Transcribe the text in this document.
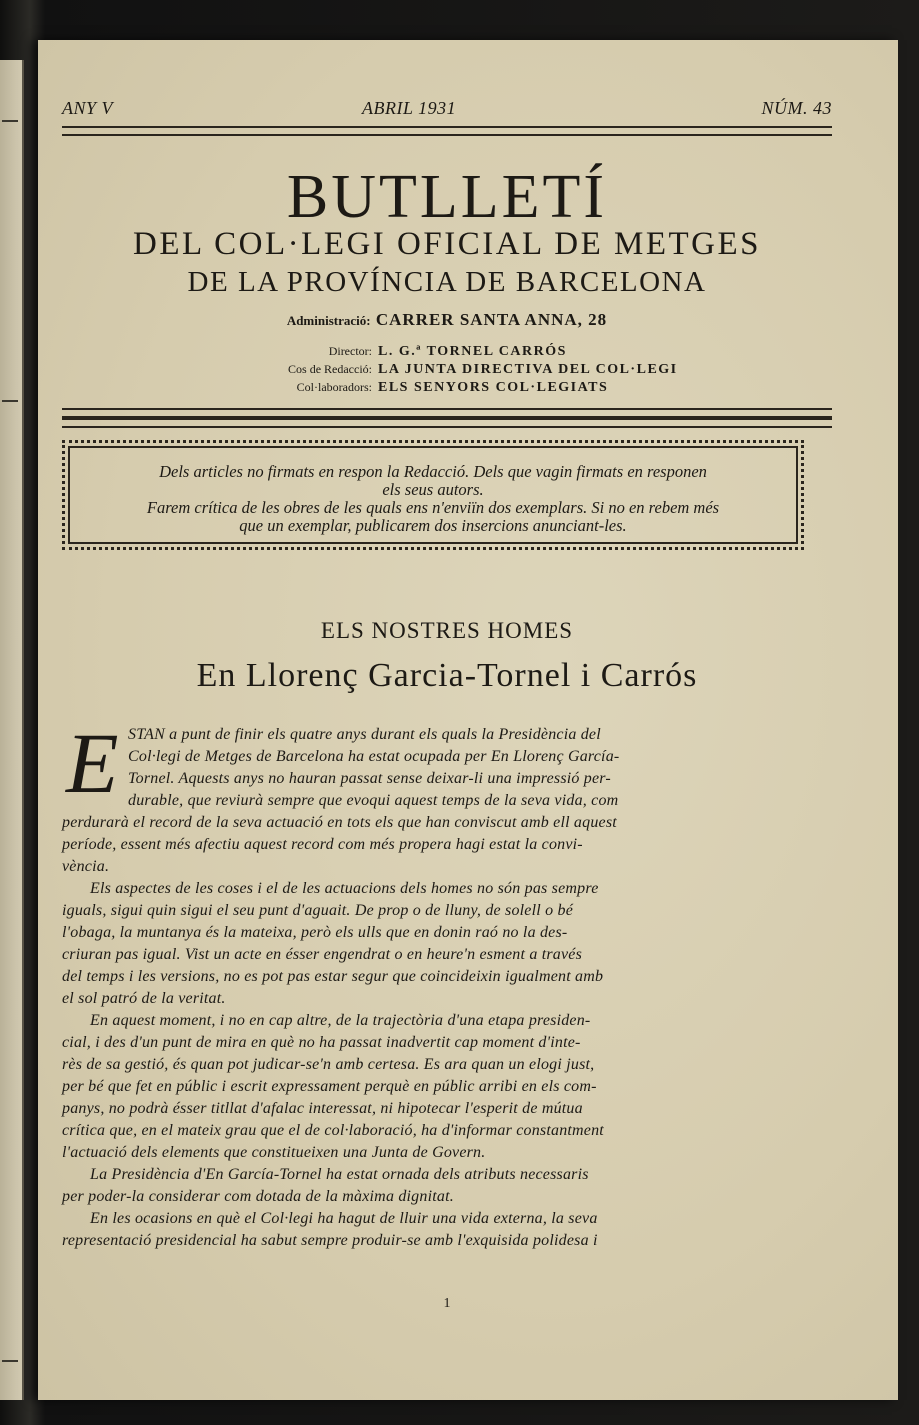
ANY V	ABRIL 1931	NÚM. 43
BUTLLETÍ
DEL COL·LEGI OFICIAL DE METGES
DE LA PROVÍNCIA DE BARCELONA
Administració: CARRER SANTA ANNA, 28
Director: L. G.ª TORNEL CARRÓS
Cos de Redacció: LA JUNTA DIRECTIVA DEL COL·LEGI
Col·laboradors: ELS SENYORS COL·LEGIATS
Dels articles no firmats en respon la Redacció. Dels que vagin firmats en responen
els seus autors.
Farem crítica de les obres de les quals ens n'enviïn dos exemplars. Si no en rebem més
que un exemplar, publicarem dos insercions anunciant-les.
ELS NOSTRES HOMES
En Llorenç Garcia-Tornel i Carrós
E STAN a punt de finir els quatre anys durant els quals la Presidència del
Col·legi de Metges de Barcelona ha estat ocupada per En Llorenç García-
Tornel. Aquests anys no hauran passat sense deixar-li una impressió per-
durable, que reviurà sempre que evoqui aquest temps de la seva vida, com
perdurarà el record de la seva actuació en tots els que han conviscut amb ell aquest
període, essent més afectiu aquest record com més propera hagi estat la convi-
vència.
Els aspectes de les coses i el de les actuacions dels homes no són pas sempre
iguals, sigui quin sigui el seu punt d'aguait. De prop o de lluny, de solell o bé
l'obaga, la muntanya és la mateixa, però els ulls que en donin raó no la des-
criuran pas igual. Vist un acte en ésser engendrat o en heure'n esment a través
del temps i les versions, no es pot pas estar segur que coincideixin igualment amb
el sol patró de la veritat.
En aquest moment, i no en cap altre, de la trajectòria d'una etapa presiden-
cial, i des d'un punt de mira en què no ha passat inadvertit cap moment d'inte-
rès de sa gestió, és quan pot judicar-se'n amb certesa. Es ara quan un elogi just,
per bé que fet en públic i escrit expressament perquè en públic arribi en els com-
panys, no podrà ésser titllat d'afalac interessat, ni hipotecar l'esperit de mútua
crítica que, en el mateix grau que el de col·laboració, ha d'informar constantment
l'actuació dels elements que constitueixen una Junta de Govern.
La Presidència d'En García-Tornel ha estat ornada dels atributs necessaris
per poder-la considerar com dotada de la màxima dignitat.
En les ocasions en què el Col·legi ha hagut de lluir una vida externa, la seva
representació presidencial ha sabut sempre produir-se amb l'exquisida polidesa i
1
